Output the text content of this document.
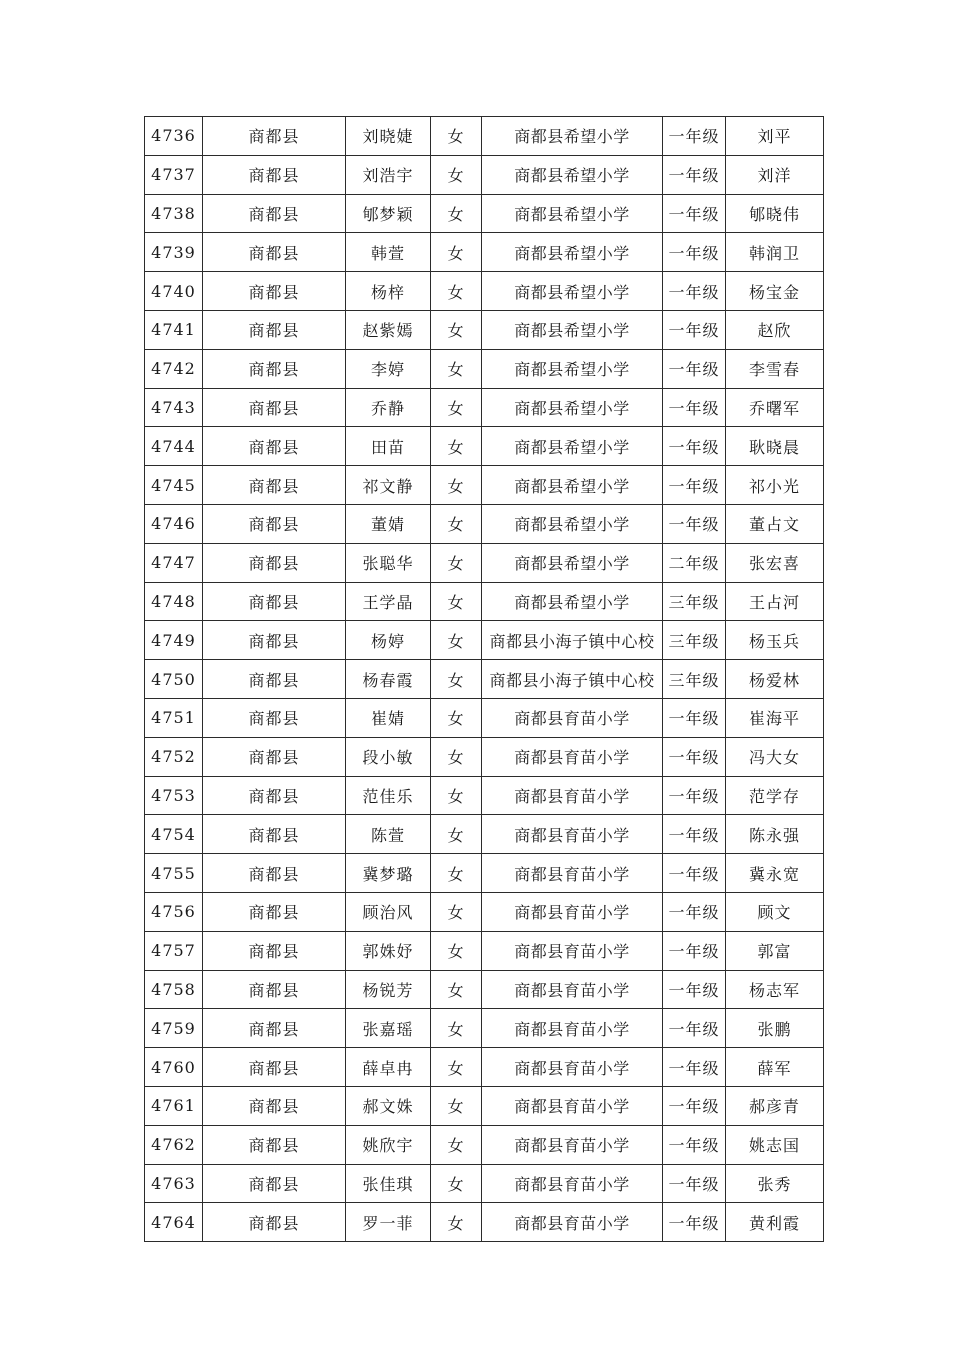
4736	商都县	刘晓婕	女	商都县希望小学	一年级	刘平
4737	商都县	刘浩宇	女	商都县希望小学	一年级	刘洋
4738	商都县	郇梦颖	女	商都县希望小学	一年级	郇晓伟
4739	商都县	韩萱	女	商都县希望小学	一年级	韩润卫
4740	商都县	杨梓	女	商都县希望小学	一年级	杨宝金
4741	商都县	赵紫嫣	女	商都县希望小学	一年级	赵欣
4742	商都县	李婷	女	商都县希望小学	一年级	李雪春
4743	商都县	乔静	女	商都县希望小学	一年级	乔曙军
4744	商都县	田苗	女	商都县希望小学	一年级	耿晓晨
4745	商都县	祁文静	女	商都县希望小学	一年级	祁小光
4746	商都县	董婧	女	商都县希望小学	一年级	董占文
4747	商都县	张聪华	女	商都县希望小学	二年级	张宏喜
4748	商都县	王学晶	女	商都县希望小学	三年级	王占河
4749	商都县	杨婷	女	商都县小海子镇中心校	三年级	杨玉兵
4750	商都县	杨春霞	女	商都县小海子镇中心校	三年级	杨爱林
4751	商都县	崔婧	女	商都县育苗小学	一年级	崔海平
4752	商都县	段小敏	女	商都县育苗小学	一年级	冯大女
4753	商都县	范佳乐	女	商都县育苗小学	一年级	范学存
4754	商都县	陈萱	女	商都县育苗小学	一年级	陈永强
4755	商都县	冀梦璐	女	商都县育苗小学	一年级	冀永宽
4756	商都县	顾治风	女	商都县育苗小学	一年级	顾文
4757	商都县	郭姝妤	女	商都县育苗小学	一年级	郭富
4758	商都县	杨锐芳	女	商都县育苗小学	一年级	杨志军
4759	商都县	张嘉瑶	女	商都县育苗小学	一年级	张鹏
4760	商都县	薛卓冉	女	商都县育苗小学	一年级	薛军
4761	商都县	郝文姝	女	商都县育苗小学	一年级	郝彦青
4762	商都县	姚欣宇	女	商都县育苗小学	一年级	姚志国
4763	商都县	张佳琪	女	商都县育苗小学	一年级	张秀
4764	商都县	罗一菲	女	商都县育苗小学	一年级	黄利霞
